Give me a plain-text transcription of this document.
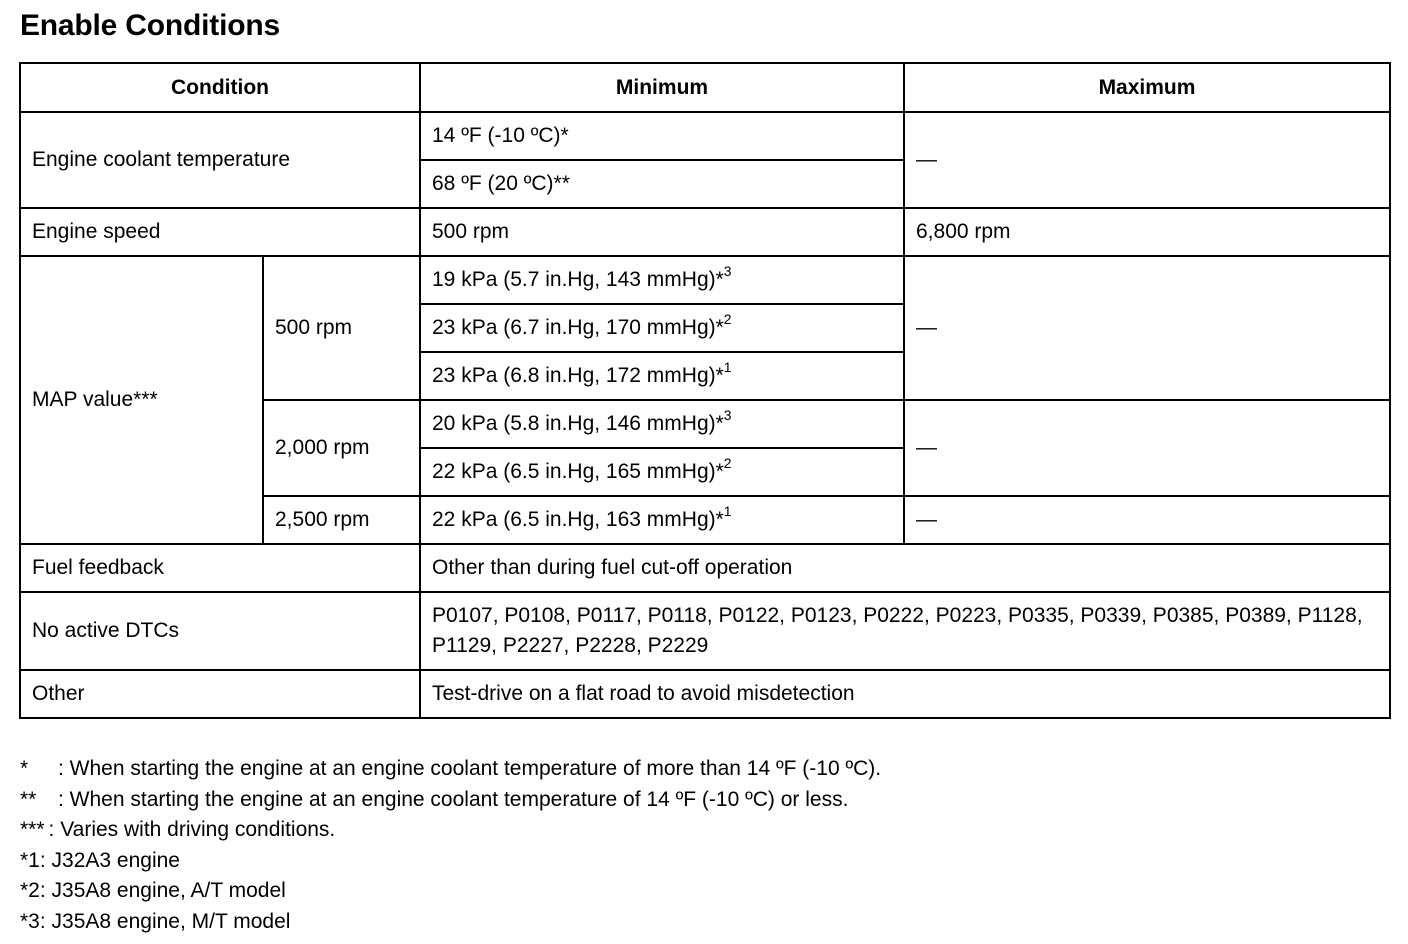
Enable Conditions
Condition		Minimum	Maximum
Engine coolant temperature		14 ºF (-10 ºC)*	—
		68 ºF (20 ºC)**	
Engine speed		500 rpm	6,800 rpm
MAP value***	500 rpm	19 kPa (5.7 in.Hg, 143 mmHg)*$^3$	—
		23 kPa (6.7 in.Hg, 170 mmHg)*$^2$
		23 kPa (6.8 in.Hg, 172 mmHg)*$^1$
	2,000 rpm	20 kPa (5.8 in.Hg, 146 mmHg)*$^3$	—
		22 kPa (6.5 in.Hg, 165 mmHg)*$^2$
	2,500 rpm	22 kPa (6.5 in.Hg, 163 mmHg)*$^1$	—
Fuel feedback		Other than during fuel cut-off operation	
No active DTCs		P0107, P0108, P0117, P0118, P0122, P0123, P0222, P0223, P0335, P0339, P0385, P0389, P1128, P1129, P2227, P2228, P2229	
Other		Test-drive on a flat road to avoid misdetection	
* : When starting the engine at an engine coolant temperature of more than 14 ºF (-10 ºC).
** : When starting the engine at an engine coolant temperature of 14 ºF (-10 ºC) or less.
*** : Varies with driving conditions.
*1: J32A3 engine
*2: J35A8 engine, A/T model
*3: J35A8 engine, M/T model
